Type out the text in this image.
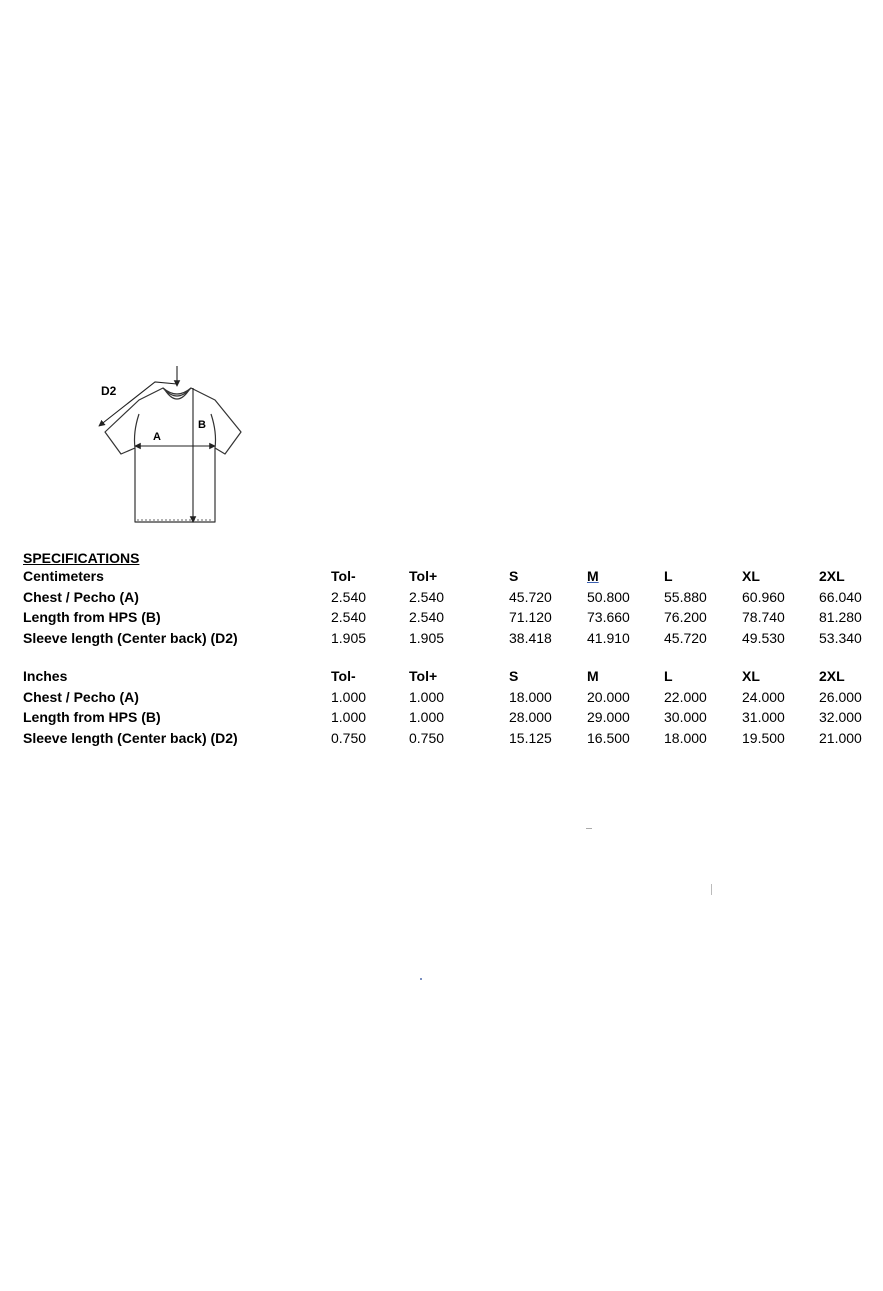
D2
A
B
SPECIFICATIONS
Centimeters	Tol-	Tol+	S	M	L	XL	2XL
Chest / Pecho (A)	2.540	2.540	45.720	50.800	55.880	60.960	66.040
Length from HPS (B)	2.540	2.540	71.120	73.660	76.200	78.740	81.280
Sleeve length (Center back) (D2)	1.905	1.905	38.418	41.910	45.720	49.530	53.340
Inches	Tol-	Tol+	S	M	L	XL	2XL
Chest / Pecho (A)	1.000	1.000	18.000	20.000	22.000	24.000	26.000
Length from HPS (B)	1.000	1.000	28.000	29.000	30.000	31.000	32.000
Sleeve length (Center back) (D2)	0.750	0.750	15.125	16.500	18.000	19.500	21.000
